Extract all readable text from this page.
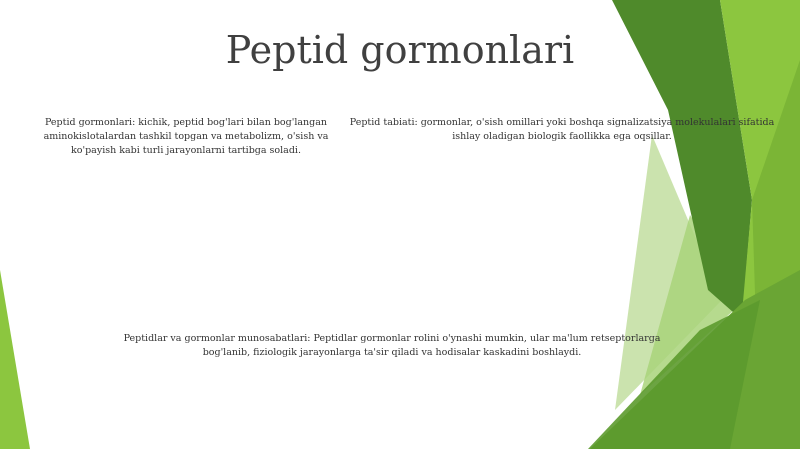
Peptid gormonlari

Peptid gormonlari: kichik, peptid bog'lari bilan bog'langan aminokislotalardan tashkil topgan va metabolizm, o'sish va ko'payish kabi turli jarayonlarni tartibga soladi.

Peptid tabiati: gormonlar, o'sish omillari yoki boshqa signalizatsiya molekulalari sifatida ishlay oladigan biologik faollikka ega oqsillar.

Peptidlar va gormonlar munosabatlari: Peptidlar gormonlar rolini o'ynashi mumkin, ular ma'lum retseptorlarga bog'lanib, fiziologik jarayonlarga ta'sir qiladi va hodisalar kaskadini boshlaydi.
